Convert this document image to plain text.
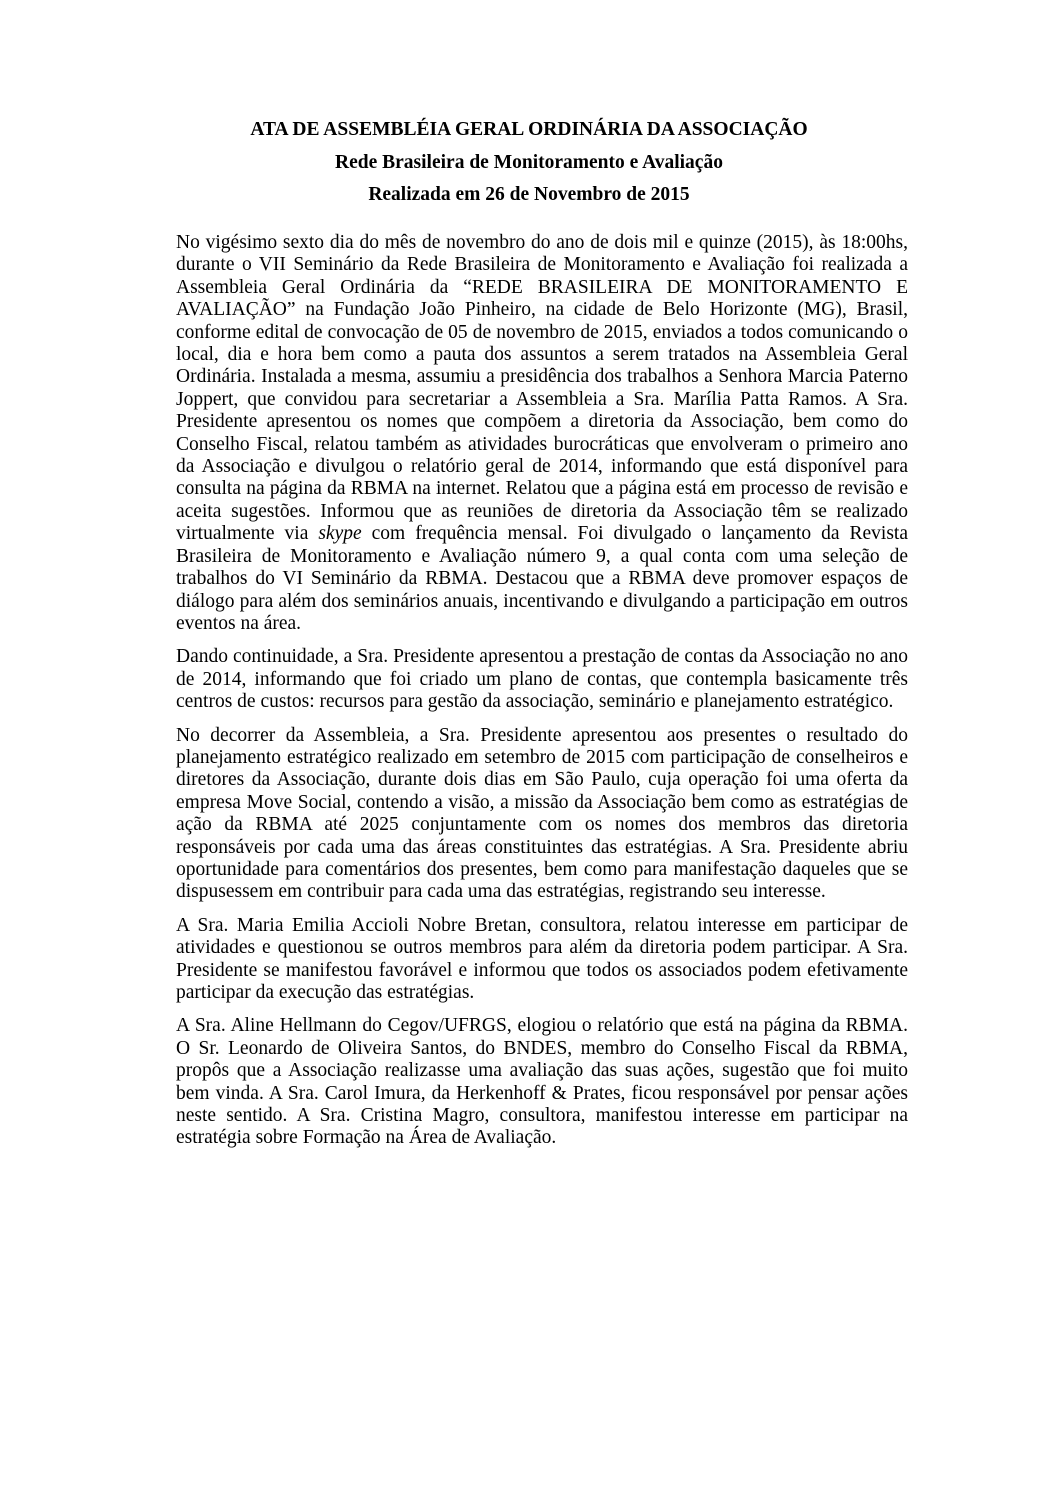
ATA DE ASSEMBLÉIA GERAL ORDINÁRIA DA ASSOCIAÇÃO
Rede Brasileira de Monitoramento e Avaliação
Realizada em 26 de Novembro de 2015

No vigésimo sexto dia do mês de novembro do ano de dois mil e quinze (2015), às 18:00hs, durante o VII Seminário da Rede Brasileira de Monitoramento e Avaliação foi realizada a Assembleia Geral Ordinária da “REDE BRASILEIRA DE MONITORAMENTO E AVALIAÇÃO” na Fundação João Pinheiro, na cidade de Belo Horizonte (MG), Brasil, conforme edital de convocação de 05 de novembro de 2015, enviados a todos comunicando o local, dia e hora bem como a pauta dos assuntos a serem tratados na Assembleia Geral Ordinária. Instalada a mesma, assumiu a presidência dos trabalhos a Senhora Marcia Paterno Joppert, que convidou para secretariar a Assembleia a Sra. Marília Patta Ramos. A Sra. Presidente apresentou os nomes que compõem a diretoria da Associação, bem como do Conselho Fiscal, relatou também as atividades burocráticas que envolveram o primeiro ano da Associação e divulgou o relatório geral de 2014, informando que está disponível para consulta na página da RBMA na internet. Relatou que a página está em processo de revisão e aceita sugestões. Informou que as reuniões de diretoria da Associação têm se realizado virtualmente via skype com frequência mensal. Foi divulgado o lançamento da Revista Brasileira de Monitoramento e Avaliação número 9, a qual conta com uma seleção de trabalhos do VI Seminário da RBMA. Destacou que a RBMA deve promover espaços de diálogo para além dos seminários anuais, incentivando e divulgando a participação em outros eventos na área.

Dando continuidade, a Sra. Presidente apresentou a prestação de contas da Associação no ano de 2014, informando que foi criado um plano de contas, que contempla basicamente três centros de custos: recursos para gestão da associação, seminário e planejamento estratégico.

No decorrer da Assembleia, a Sra. Presidente apresentou aos presentes o resultado do planejamento estratégico realizado em setembro de 2015 com participação de conselheiros e diretores da Associação, durante dois dias em São Paulo, cuja operação foi uma oferta da empresa Move Social, contendo a visão, a missão da Associação bem como as estratégias de ação da RBMA até 2025 conjuntamente com os nomes dos membros das diretoria responsáveis por cada uma das áreas constituintes das estratégias. A Sra. Presidente abriu oportunidade para comentários dos presentes, bem como para manifestação daqueles que se dispusessem em contribuir para cada uma das estratégias, registrando seu interesse.

A Sra. Maria Emilia Accioli Nobre Bretan, consultora, relatou interesse em participar de atividades e questionou se outros membros para além da diretoria podem participar. A Sra. Presidente se manifestou favorável e informou que todos os associados podem efetivamente participar da execução das estratégias.

A Sra. Aline Hellmann do Cegov/UFRGS, elogiou o relatório que está na página da RBMA. O Sr. Leonardo de Oliveira Santos, do BNDES, membro do Conselho Fiscal da RBMA, propôs que a Associação realizasse uma avaliação das suas ações, sugestão que foi muito bem vinda. A Sra. Carol Imura, da Herkenhoff & Prates, ficou responsável por pensar ações neste sentido. A Sra. Cristina Magro, consultora, manifestou interesse em participar na estratégia sobre Formação na Área de Avaliação.
